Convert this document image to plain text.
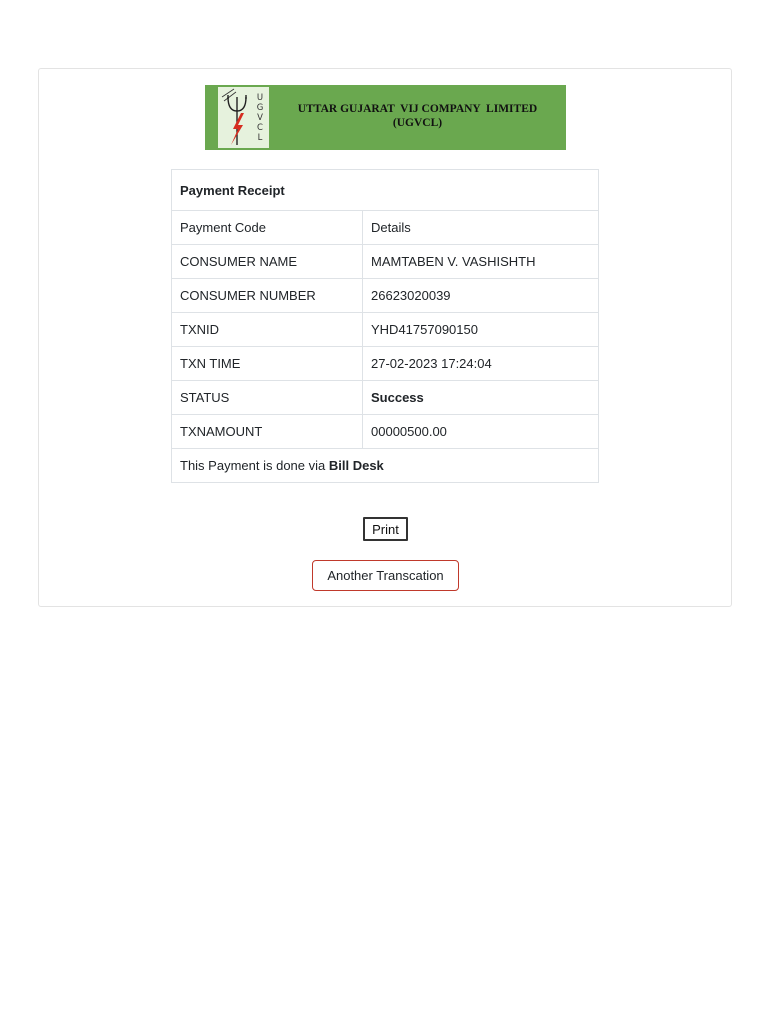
U
G
V
C
L
UTTAR GUJARAT  VIJ COMPANY  LIMITED
(UGVCL)
Payment Receipt	
Payment Code	Details
CONSUMER NAME	MAMTABEN V. VASHISHTH
CONSUMER NUMBER	26623020039
TXNID	YHD41757090150
TXN TIME	27-02-2023 17:24:04
STATUS	Success
TXNAMOUNT	00000500.00
This Payment is done via Bill Desk	
Print
Another Transcation
